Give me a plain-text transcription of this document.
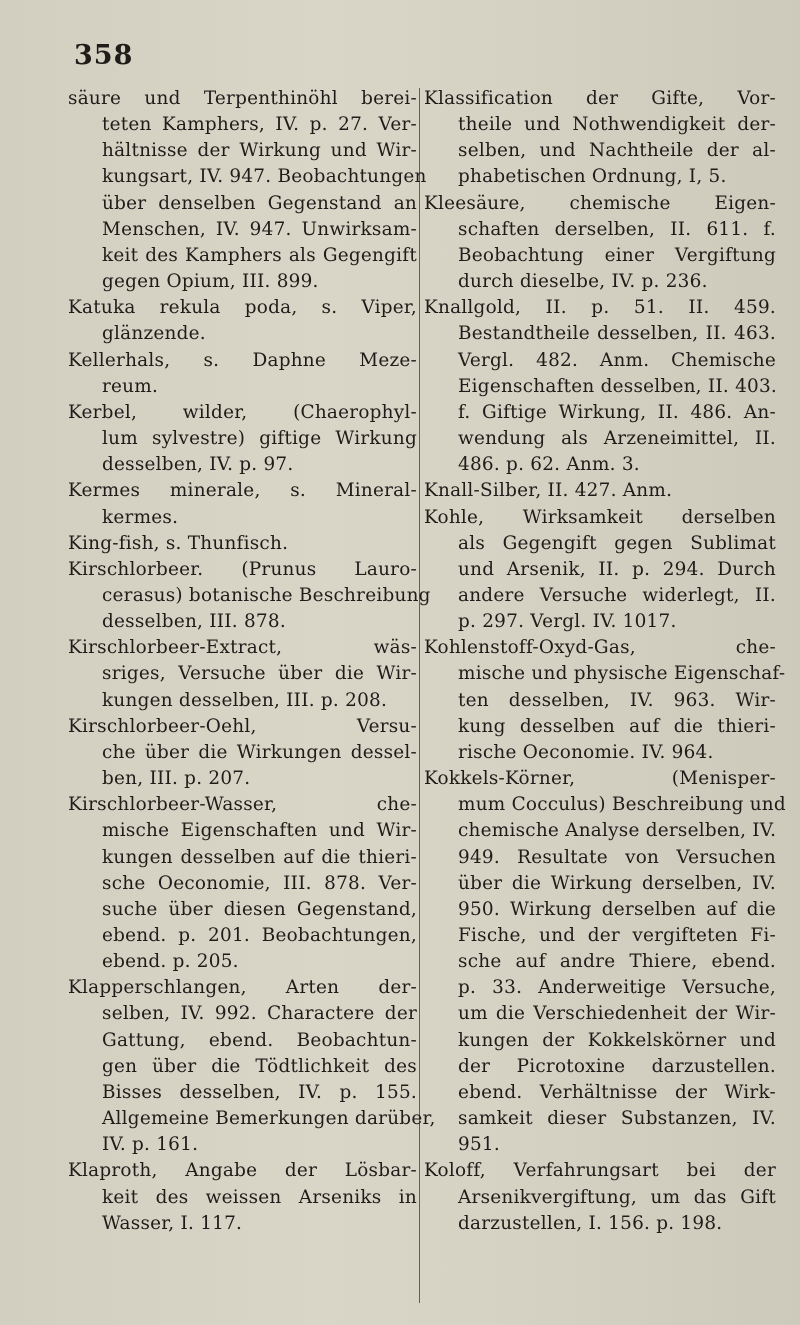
358
säure und Terpenthinöhl berei-
teten Kamphers, IV. p. 27. Ver-
hältnisse der Wirkung und Wir-
kungsart, IV. 947. Beobachtungen
über denselben Gegenstand an
Menschen, IV. 947. Unwirksam-
keit des Kamphers als Gegengift
gegen Opium, III. 899.
Katuka rekula poda, s. Viper,
glänzende.
Kellerhals, s. Daphne Meze-
reum.
Kerbel, wilder, (Chaerophyl-
lum sylvestre) giftige Wirkung
desselben, IV. p. 97.
Kermes minerale, s. Mineral-
kermes.
King-fish, s. Thunfisch.
Kirschlorbeer. (Prunus Lauro-
cerasus) botanische Beschreibung
desselben, III. 878.
Kirschlorbeer-Extract, wäs-
sriges, Versuche über die Wir-
kungen desselben, III. p. 208.
Kirschlorbeer-Oehl, Versu-
che über die Wirkungen dessel-
ben, III. p. 207.
Kirschlorbeer-Wasser, che-
mische Eigenschaften und Wir-
kungen desselben auf die thieri-
sche Oeconomie, III. 878. Ver-
suche über diesen Gegenstand,
ebend. p. 201. Beobachtungen,
ebend. p. 205.
Klapperschlangen, Arten der-
selben, IV. 992. Charactere der
Gattung, ebend. Beobachtun-
gen über die Tödtlichkeit des
Bisses desselben, IV. p. 155.
Allgemeine Bemerkungen darüber,
IV. p. 161.
Klaproth, Angabe der Lösbar-
keit des weissen Arseniks in
Wasser, I. 117.
Klassification der Gifte, Vor-
theile und Nothwendigkeit der-
selben, und Nachtheile der al-
phabetischen Ordnung, I, 5.
Kleesäure, chemische Eigen-
schaften derselben, II. 611. f.
Beobachtung einer Vergiftung
durch dieselbe, IV. p. 236.
Knallgold, II. p. 51. II. 459.
Bestandtheile desselben, II. 463.
Vergl. 482. Anm. Chemische
Eigenschaften desselben, II. 403.
f. Giftige Wirkung, II. 486. An-
wendung als Arzeneimittel, II.
486. p. 62. Anm. 3.
Knall-Silber, II. 427. Anm.
Kohle, Wirksamkeit derselben
als Gegengift gegen Sublimat
und Arsenik, II. p. 294. Durch
andere Versuche widerlegt, II.
p. 297. Vergl. IV. 1017.
Kohlenstoff-Oxyd-Gas, che-
mische und physische Eigenschaf-
ten desselben, IV. 963. Wir-
kung desselben auf die thieri-
rische Oeconomie. IV. 964.
Kokkels-Körner, (Menisper-
mum Cocculus) Beschreibung und
chemische Analyse derselben, IV.
949. Resultate von Versuchen
über die Wirkung derselben, IV.
950. Wirkung derselben auf die
Fische, und der vergifteten Fi-
sche auf andre Thiere, ebend.
p. 33. Anderweitige Versuche,
um die Verschiedenheit der Wir-
kungen der Kokkelskörner und
der Picrotoxine darzustellen.
ebend. Verhältnisse der Wirk-
samkeit dieser Substanzen, IV.
951.
Koloff, Verfahrungsart bei der
Arsenikvergiftung, um das Gift
darzustellen, I. 156. p. 198.
